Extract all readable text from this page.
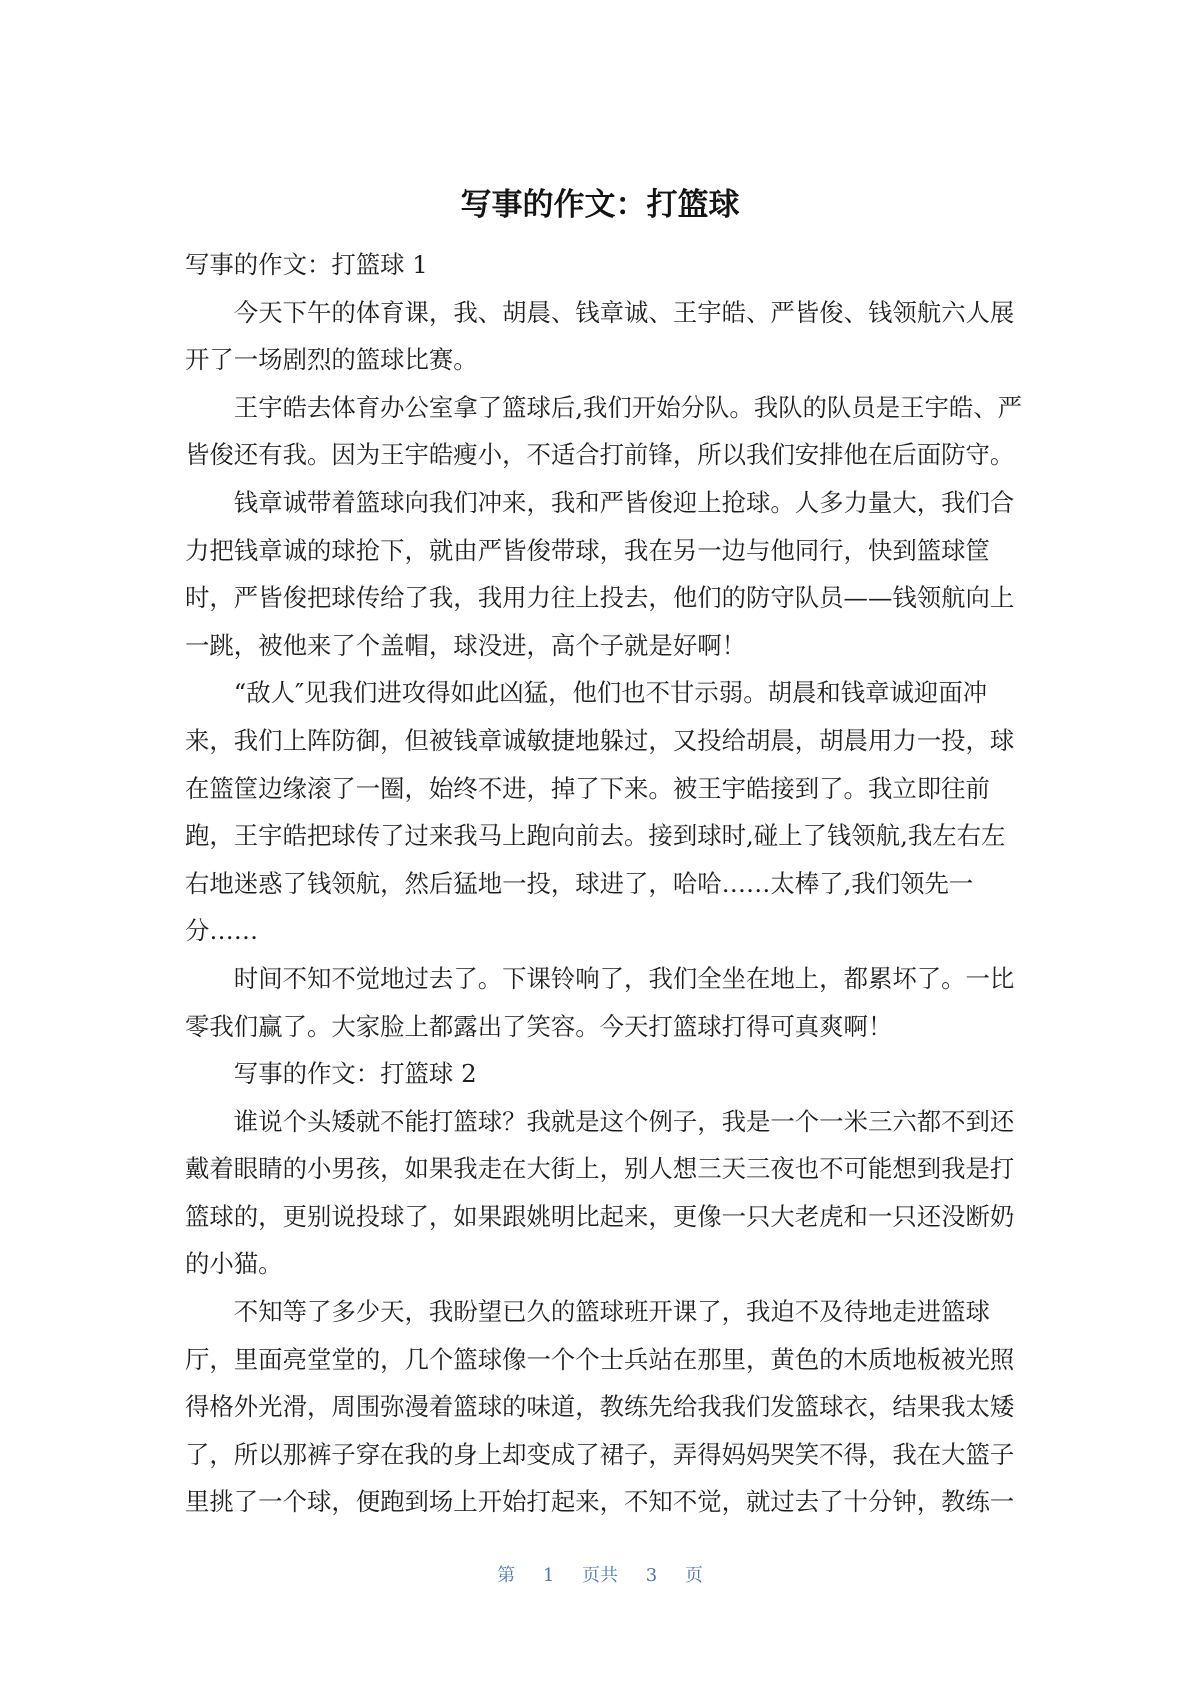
写事的作文：打篮球
写事的作文：打篮球 1
今天下午的体育课，我、胡晨、钱章诚、王宇皓、严皆俊、钱领航六人展
开了一场剧烈的篮球比赛。
王宇皓去体育办公室拿了篮球后,我们开始分队。我队的队员是王宇皓、严
皆俊还有我。因为王宇皓瘦小，不适合打前锋，所以我们安排他在后面防守。
钱章诚带着篮球向我们冲来，我和严皆俊迎上抢球。人多力量大，我们合
力把钱章诚的球抢下，就由严皆俊带球，我在另一边与他同行，快到篮球筐
时，严皆俊把球传给了我，我用力往上投去，他们的防守队员——钱领航向上
一跳，被他来了个盖帽，球没进，高个子就是好啊！
“敌人″见我们进攻得如此凶猛，他们也不甘示弱。胡晨和钱章诚迎面冲
来，我们上阵防御，但被钱章诚敏捷地躲过，又投给胡晨，胡晨用力一投，球
在篮筐边缘滚了一圈，始终不进，掉了下来。被王宇皓接到了。我立即往前
跑，王宇皓把球传了过来我马上跑向前去。接到球时,碰上了钱领航,我左右左
右地迷惑了钱领航，然后猛地一投，球进了，哈哈……太棒了,我们领先一
分……
时间不知不觉地过去了。下课铃响了，我们全坐在地上，都累坏了。一比
零我们赢了。大家脸上都露出了笑容。今天打篮球打得可真爽啊！
写事的作文：打篮球 2
谁说个头矮就不能打篮球？我就是这个例子，我是一个一米三六都不到还
戴着眼睛的小男孩，如果我走在大街上，别人想三天三夜也不可能想到我是打
篮球的，更别说投球了，如果跟姚明比起来，更像一只大老虎和一只还没断奶
的小猫。
不知等了多少天，我盼望已久的篮球班开课了，我迫不及待地走进篮球
厅，里面亮堂堂的，几个篮球像一个个士兵站在那里，黄色的木质地板被光照
得格外光滑，周围弥漫着篮球的味道，教练先给我我们发篮球衣，结果我太矮
了，所以那裤子穿在我的身上却变成了裙子，弄得妈妈哭笑不得，我在大篮子
里挑了一个球，便跑到场上开始打起来，不知不觉，就过去了十分钟，教练一
第 1 页共 3 页
